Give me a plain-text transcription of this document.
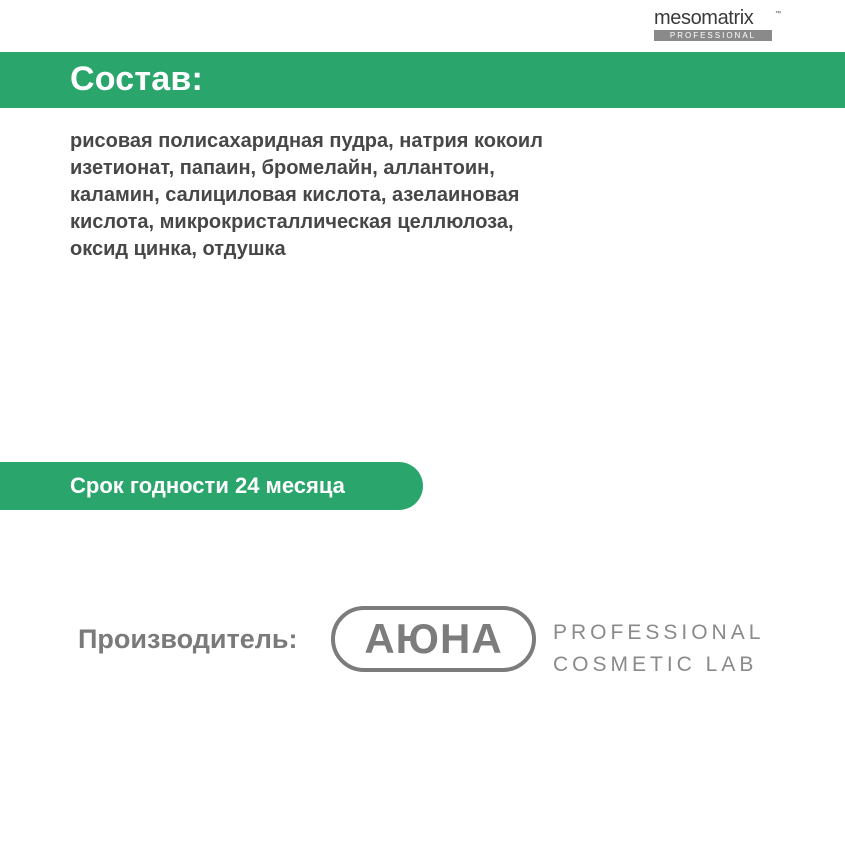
mesomatrix	™
PROFESSIONAL
Состав:
рисовая полисахаридная пудра, натрия кокоил
изетионат, папаин, бромелайн, аллантоин,
каламин, салициловая кислота, азелаиновая
кислота, микрокристаллическая целлюлоза,
оксид цинка, отдушка
Срок годности 24 месяца
Производитель: АЮНА PROFESSIONAL
COSMETIC LAB
